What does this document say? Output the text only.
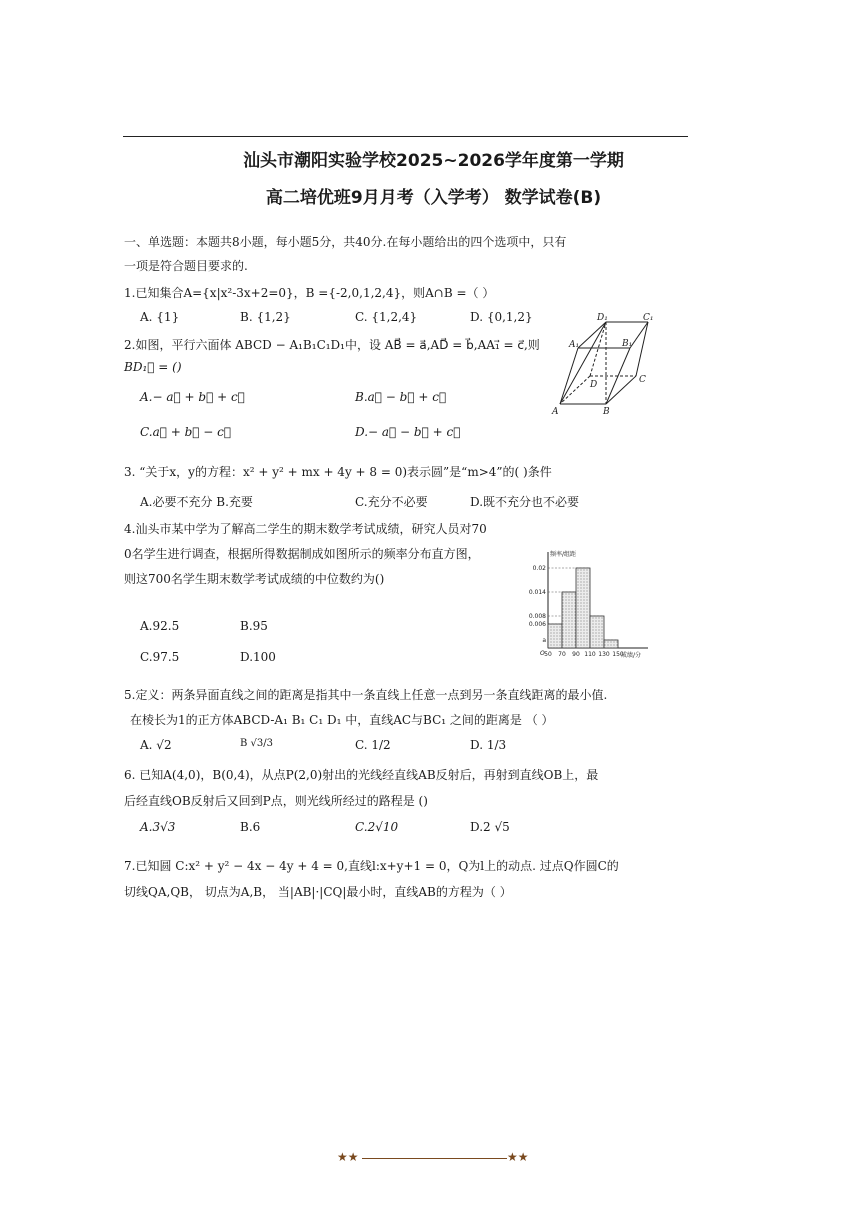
汕头市潮阳实验学校2025~2026学年度第一学期
高二培优班9月月考（入学考） 数学试卷(B)
一、单选题：本题共8小题，每小题5分，共40分.在每小题给出的四个选项中，只有
一项是符合题目要求的.
1.已知集合A={x|x²-3x+2=0}，B ={-2,0,1,2,4}，则A∩B =（ ）
A. {1}	B. {1,2}	C. {1,2,4}	D. {0,1,2}
2.如图，平行六面体 ABCD − A₁B₁C₁D₁中，设 AB⃗ = a⃗,AD⃗ = b⃗,AA₁⃗ = c⃗,则
BD₁⃗ = ()
A.− a⃗ + b⃗ + c⃗	B.a⃗ − b⃗ + c⃗
C.a⃗ + b⃗ − c⃗	D.− a⃗ − b⃗ + c⃗
A	B
C
D
A₁	B₁
C₁
D₁
3. “关于x，y的方程：x² + y² + mx + 4y + 8 = 0)表示圆”是“m>4”的( )条件
A.必要不充分 B.充要	C.充分不必要	D.既不充分也不必要
4.汕头市某中学为了解高二学生的期末数学考试成绩，研究人员对70
0名学生进行调查，根据所得数据制成如图所示的频率分布直方图，
则这700名学生期末数学考试成绩的中位数约为()
A.92.5	B.95
C.97.5	D.100
0.02
0.014
0.008
0.006
a
50 70 90 110 130 150
O
频率/组距
成绩/分
5.定义：两条异面直线之间的距离是指其中一条直线上任意一点到另一条直线距离的最小值.
在棱长为1的正方体ABCD-A₁ B₁ C₁ D₁ 中，直线AC与BC₁ 之间的距离是 （ ）
A. √2	B √3/3	C. 1/2	D. 1/3
6. 已知A(4,0)，B(0,4)，从点P(2,0)射出的光线经直线AB反射后，再射到直线OB上，最
后经直线OB反射后又回到P点，则光线所经过的路程是 ()
A.3√3	B.6	C.2√10	D.2 √5
7.已知圆 C:x² + y² − 4x − 4y + 4 = 0,直线l:x+y+1 = 0，Q为l上的动点. 过点Q作圆C的
切线QA,QB， 切点为A,B， 当|AB|·|CQ|最小时，直线AB的方程为（ ）
★★	★★
